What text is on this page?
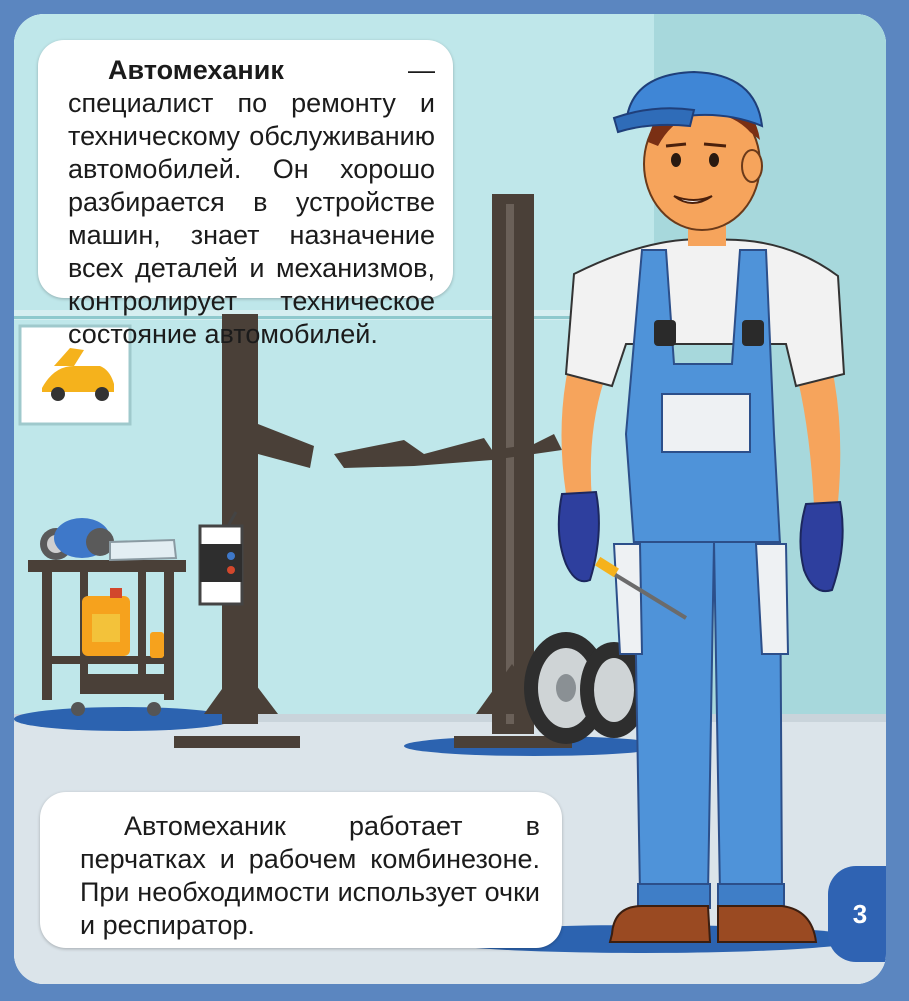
Автомеханик — специалист по ремонту и техническому обслуживанию автомобилей. Он хорошо разбирается в устройстве машин, знает назначение всех деталей и механизмов, контролирует техническое состояние автомобилей.

Автомеханик работает в перчатках и рабочем комбинезоне. При необходимости использует очки и респиратор.	3
